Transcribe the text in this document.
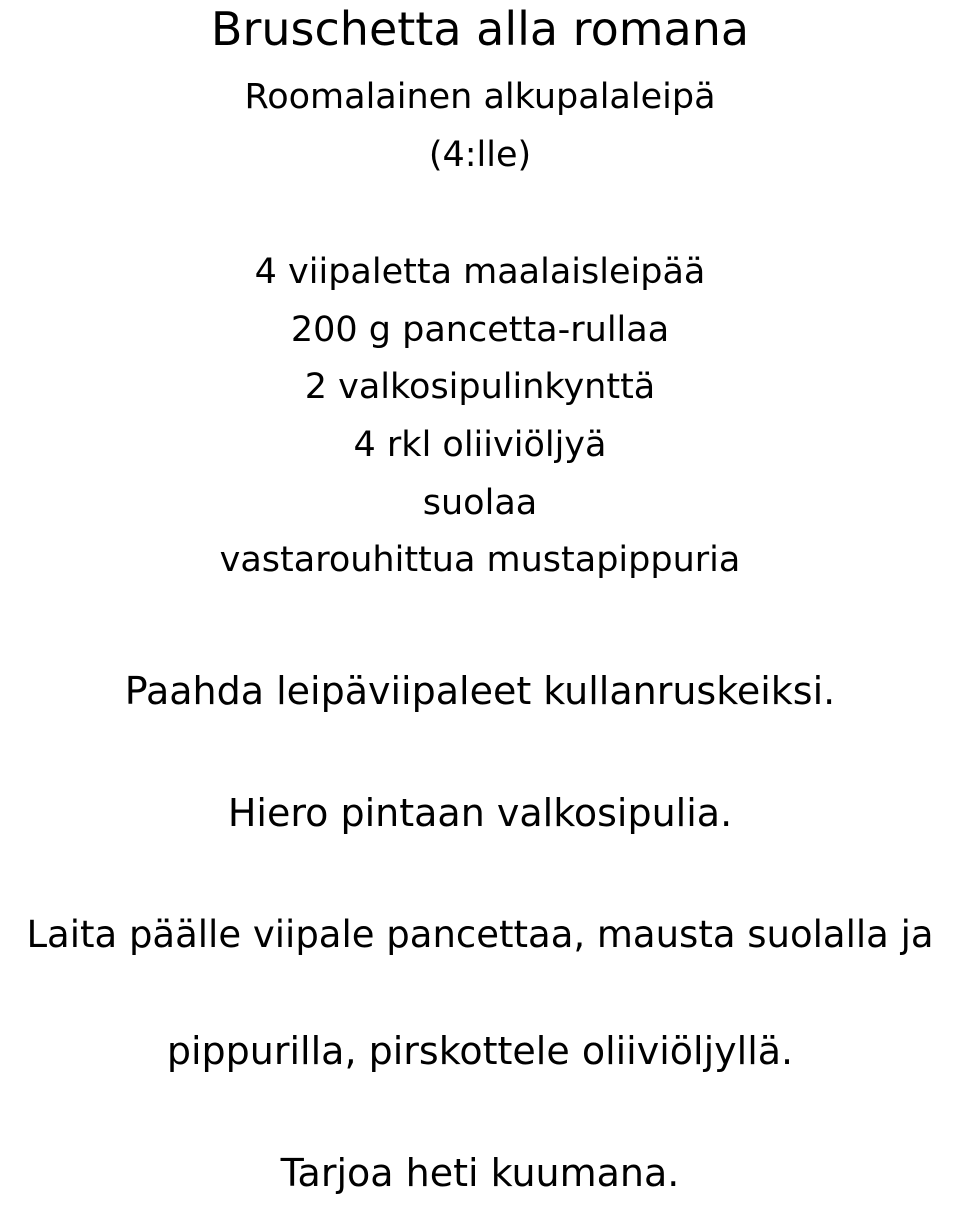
Bruschetta alla romana
Roomalainen alkupalaleipä
(4:lle)
4 viipaletta maalaisleipää
200 g pancetta-rullaa
2 valkosipulinkynttä
4 rkl oliiviöljyä
suolaa
vastarouhittua mustapippuria
Paahda leipäviipaleet kullanruskeiksi.
Hiero pintaan valkosipulia.
Laita päälle viipale pancettaa, mausta suolalla ja
pippurilla, pirskottele oliiviöljyllä.
Tarjoa heti kuumana.
